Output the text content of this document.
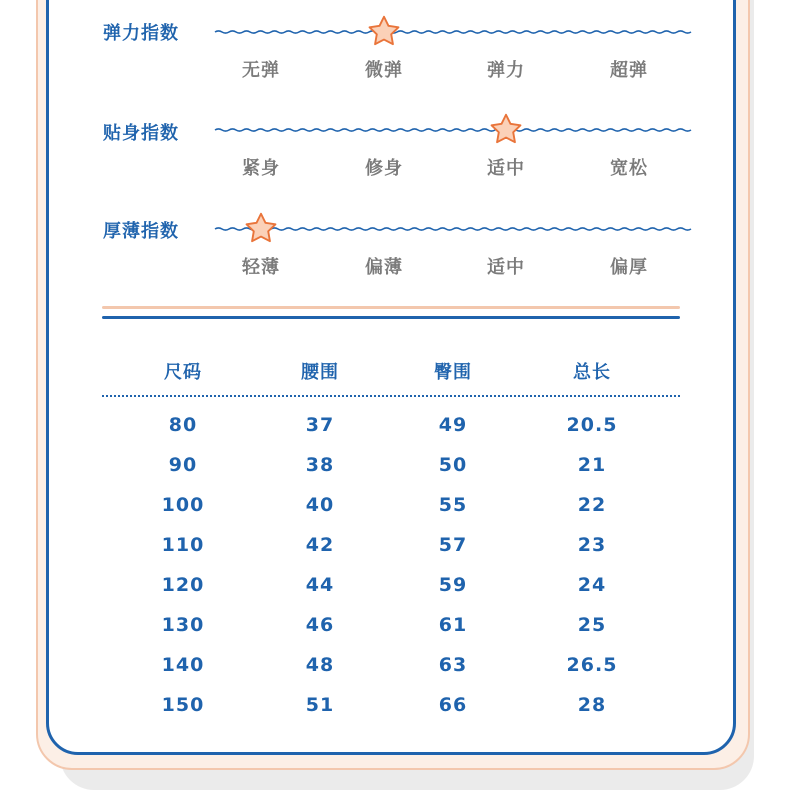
弹力指数
无弹	微弹	弹力	超弹
贴身指数
紧身	修身	适中	宽松
厚薄指数
轻薄	偏薄	适中	偏厚
尺码	腰围	臀围	总长
80	37	49	20.5
90	38	50	21
100	40	55	22
110	42	57	23
120	44	59	24
130	46	61	25
140	48	63	26.5
150	51	66	28
